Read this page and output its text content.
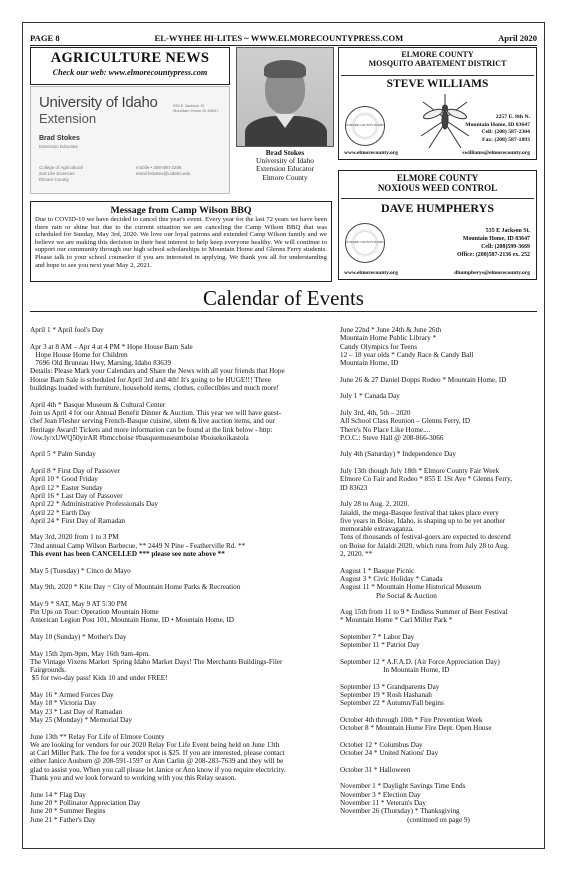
PAGE 8	EL-WYHEE HI-LITES ~ WWW.ELMORECOUNTYPRESS.COM	April 2020
AGRICULTURE NEWS
Check our web: www.elmorecountypress.com
University of Idaho
Extension
535 E Jackson St
Mountain Home ID 83647
Brad Stokes
Extension Educator
College of Agricultural
and Life Sciences
Elmore County
mobile • 208-580-2286
email bstokes@uidaho.edu
Brad Stokes
University of Idaho
Extension Educator
Elmore County
ELMORE COUNTY
MOSQUITO ABATEMENT DISTRICT
STEVE WILLIAMS
ELMORE COUNTY IDAHO
2257 E. 8th N.
Mountain Home, ID 83647
Cell: (208) 587-2304
Fax: (208) 587-1893
www.elmorecounty.org	swilliams@elmorecounty.org
ELMORE COUNTY
NOXIOUS WEED CONTROL
DAVE HUMPHERYS
ELMORE COUNTY IDAHO
535 E Jackson St.
Mountain Home, ID 83647
Cell: (208)599-3669
Office: (208)587-2136 ex. 252
www.elmorecounty.org	dhumpherys@elmorecounty.org
Message from Camp Wilson BBQ
Due to COVID-19 we have decided to cancel this year's event. Every year for the last 72 years we have been there rain or shine but due to the current situation we are canceling the Camp Wilson BBQ that was scheduled for Sunday, May 3rd, 2020. We love our loyal patrons and extended Camp Wilson family and we believe we are making this decision in their best interest to help keep everyone healthy. We will continue to support our community through our high school scholarships to Mountain Home and Glenns Ferry students. Please talk to your school counselor if you are interested in applying. We thank you all for understanding and hope to see you next year May 2, 2021.
Calendar of Events
April 1 * April fool's Day
Apr 3 at 8 AM – Apr 4 at 4 PM * Hope House Barn Sale
Hope House Home for Children
7696 Old Bruneau Hwy, Marsing, Idaho 83639
Details: Please Mark your Calendars and Share the News with all your friends that Hope
House Barn Sale is scheduled for April 3rd and 4th! It's going to be HUGE!!! Three
buildings loaded with furniture, household items, clothes, collectibles and much more!
April 4th * Basque Museum & Cultural Center
Join us April 4 for our Annual Benefit Dinner & Auction. This year we will have guest-
chef Jean Flesher serving French-Basque cuisine, silent & live auction items, and our
Heritage Award! Tickets and more information can be found at the link below - http:
//ow.ly/xUWQ50yirAR #bmccboise #basquemuseumboise #boisekoikastola
April 5 * Palm Sunday
April 8 * First Day of Passover
April 10 * Good Friday
April 12 * Easter Sunday
April 16 * Last Day of Passover
April 22 * Administrative Professionals Day
April 22 * Earth Day
April 24 * First Day of Ramadan
May 3rd, 2020 from 1 to 3 PM
73nd annual Camp Wilson Barbecue, ** 2449 N Pine - Featherville Rd. **
This event has been CANCELLED *** please see note above **
May 5 (Tuesday) * Cinco de Mayo
May 9th, 2020 * Kite Day ~ City of Mountain Home Parks & Recreation
May 9 * SAT, May 9 AT 5:30 PM
Pin Ups on Tour: Operation Mountain Home
American Legion Post 101, Mountain Home, ID • Mountain Home, ID
May 10 (Sunday) * Mother's Day
May 15th 2pm-9pm, May 16th 9am-4pm.
The Vintage Vixens Market  Spring Idaho Market Days! The Merchants Buildings-Filer
Fairgrounds.
$5 for two-day pass! Kids 10 and under FREE!
May 16 * Armed Forces Day
May 18 * Victoria Day
May 23 * Last Day of Ramadan
May 25 (Monday) * Memorial Day
June 13th ** Relay For Life of Elmore County
We are looking for vendors for our 2020 Relay For Life Event being held on June 13th
at Carl Miller Park. The fee for a vendor spot is $25. If you are interested, please contact
either Janice Ausburn @ 208-591-1597 or Ann Carlin @ 208-283-7639 and they will be
glad to assist you. When you call please let Janice or Ann know if you require electricity.
Thank you and we look forward to working with you this Relay season.
June 14 * Flag Day
June 20 * Pollinator Appreciation Day
June 20 * Summer Begins
June 21 * Father's Day
June 22nd * June 24th & June 26th
Mountain Home Public Library *
Candy Olympics for Teens
12 – 18 year olds * Candy Race & Candy Ball
Mountain Home, ID
June 26 & 27 Daniel Dopps Rodeo * Mountain Home, ID
July 1 * Canada Day
July 3rd, 4th, 5th – 2020
All School Class Reunion – Glenns Ferry, ID
There's No Place Like Home....
P.O.C.: Steve Hall @ 208-866-3066
July 4th (Saturday) * Independence Day
July 13th though July 18th * Elmore County Fair Week
Elmore Co Fair and Rodeo * 855 E 1St Ave * Glenns Ferry,
ID 83623
July 28 to Aug. 2, 2020.
Jaialdi, the mega-Basque festival that takes place every
five years in Boise, Idaho, is shaping up to be yet another
memorable extravaganza.
Tens of thousands of festival-goers are expected to descend
on Boise for Jaialdi 2020, which runs from July 28 to Aug.
2, 2020. **
August 1 * Basque Picnic
August 3 * Civic Holiday * Canada
August 11 * Mountain Home Historical Museum
Pie Social & Auction
Aug 15th from 11 to 9 * Endless Summer of Beer Festival
* Mountain Home * Carl Miller Park *
September 7 * Labor Day
September 11 * Patriot Day
September 12 * A.F.A.D. (Air Force Appreciation Day)
In Mountain Home, ID
September 13 * Grandparents Day
September 19 * Rosh Hashanah
September 22 * Autumn/Fall begins
October 4th through 10th * Fire Prevention Week
October 8 * Mountain Home Fire Dept. Open House
October 12 * Columbus Day
October 24 * United Nations' Day
October 31 * Halloween
November 1 * Daylight Savings Time Ends
November 3 * Election Day
November 11 * Veteran's Day
November 26 (Thursday) * Thanksgiving
(continued on page 9)
